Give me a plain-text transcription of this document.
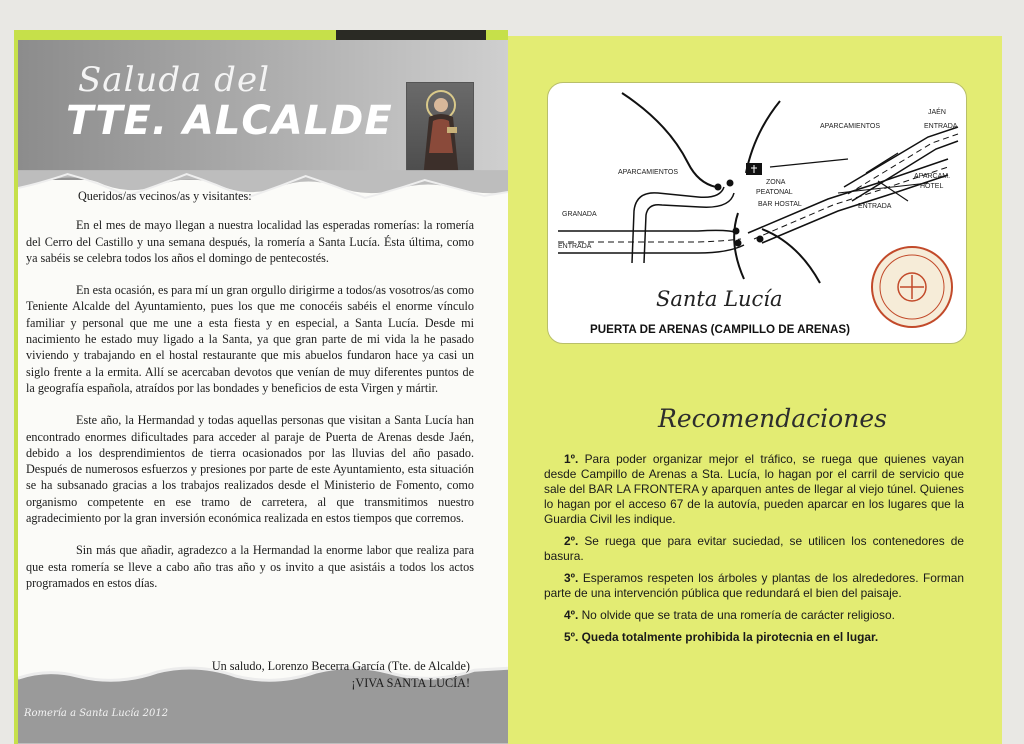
Saluda del
TTE. ALCALDE
Queridos/as vecinos/as y visitantes:
En el mes de mayo llegan a nuestra localidad las esperadas romerías: la romería del Cerro del Castillo y una semana después, la romería a Santa Lucía. Ésta última, como ya sabéis se celebra todos los años el domingo de pentecostés.
En esta ocasión, es para mí un gran orgullo dirigirme a todos/as vosotros/as como Teniente Alcalde del Ayuntamiento, pues los que me conocéis sabéis el enorme vínculo familiar y personal que me une a esta fiesta y en especial, a Santa Lucía. Desde mi nacimiento he estado muy ligado a la Santa, ya que gran parte de mi vida la he pasado viviendo y trabajando en el hostal restaurante que mis abuelos fundaron hace ya casi un siglo frente a la ermita. Allí se acercaban devotos que venían de muy diferentes puntos de la geografía española, atraídos por las bondades y beneficios de esta Virgen y mártir.
Este año, la Hermandad y todas aquellas personas que visitan a Santa Lucía han encontrado enormes dificultades para acceder al paraje de Puerta de Arenas desde Jaén, debido a los desprendimientos de tierra ocasionados por las lluvias del año pasado. Después de numerosos esfuerzos y presiones por parte de este Ayuntamiento, esta situación se ha subsanado gracias a los trabajos realizados desde el Ministerio de Fomento, como organismo competente en ese tramo de carretera, al que transmitimos nuestro agradecimiento por la gran inversión económica realizada en estos tiempos que corremos.
Sin más que añadir, agradezco a la Hermandad la enorme labor que realiza para que esta romería se lleve a cabo año tras año y os invito a que asistáis a todos los actos programados en estos días.
Un saludo, Lorenzo Becerra García (Tte. de Alcalde)
¡VIVA SANTA LUCÍA!
Romería a Santa Lucía 2012
JAÉN
ENTRADA
APARCAMIENTOS
APARCAMIENTOS
ZONA
PEATONAL
APARCAM.
HOTEL
BAR HOSTAL	ENTRADA
GRANADA
ENTRADA
Santa Lucía
PUERTA DE ARENAS (CAMPILLO DE ARENAS)
Recomendaciones

1º. Para poder organizar mejor el tráfico, se ruega que quienes vayan desde Campillo de Arenas a Sta. Lucía, lo hagan por el carril de servicio que sale del BAR LA FRONTERA y aparquen antes de llegar al viejo túnel. Quienes lo hagan por el acceso 67 de la autovía, pueden aparcar en los lugares que la Guardia Civil les indique.

2º. Se ruega que para evitar suciedad, se utilicen los contenedores de basura.

3º. Esperamos respeten los árboles y plantas de los alrededores. Forman parte de una intervención pública que redundará el bien del paisaje.

4º. No olvide que se trata de una romería de carácter religioso.

5º. Queda totalmente prohibida la pirotecnia en el lugar.
